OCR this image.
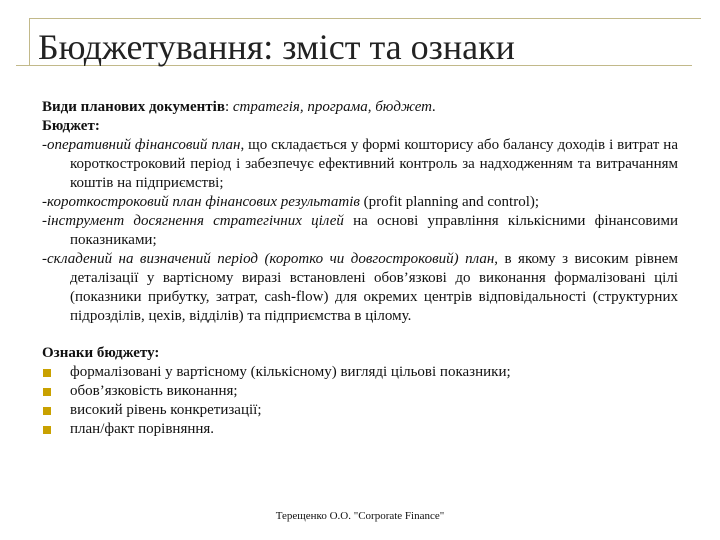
Бюджетування: зміст та ознаки

Види планових документів: стратегія, програма, бюджет.

Бюджет:

-оперативний фінансовий план, що складається у формі кошторису або балансу доходів і витрат на короткостроковий період і забезпечує ефективний контроль за надходженням та витрачанням коштів на підприємстві;

-короткостроковий план фінансових результатів (profit planning and control);

-інструмент досягнення стратегічних цілей на основі управління кількісними фінансовими показниками;

-складений на визначений період (коротко чи довгостроковий) план, в якому з високим рівнем деталізації у вартісному виразі встановлені обов’язкові до виконання формалізовані цілі (показники прибутку, затрат, cash-flow) для окремих центрів відповідальності (структурних підрозділів, цехів, відділів) та підприємства в цілому.

Ознаки бюджету:

формалізовані у вартісному (кількісному) вигляді цільові показники;
обов’язковість виконання;
високий рівень конкретизації;
план/факт порівняння.
Терещенко О.О. "Corporate Finance"
